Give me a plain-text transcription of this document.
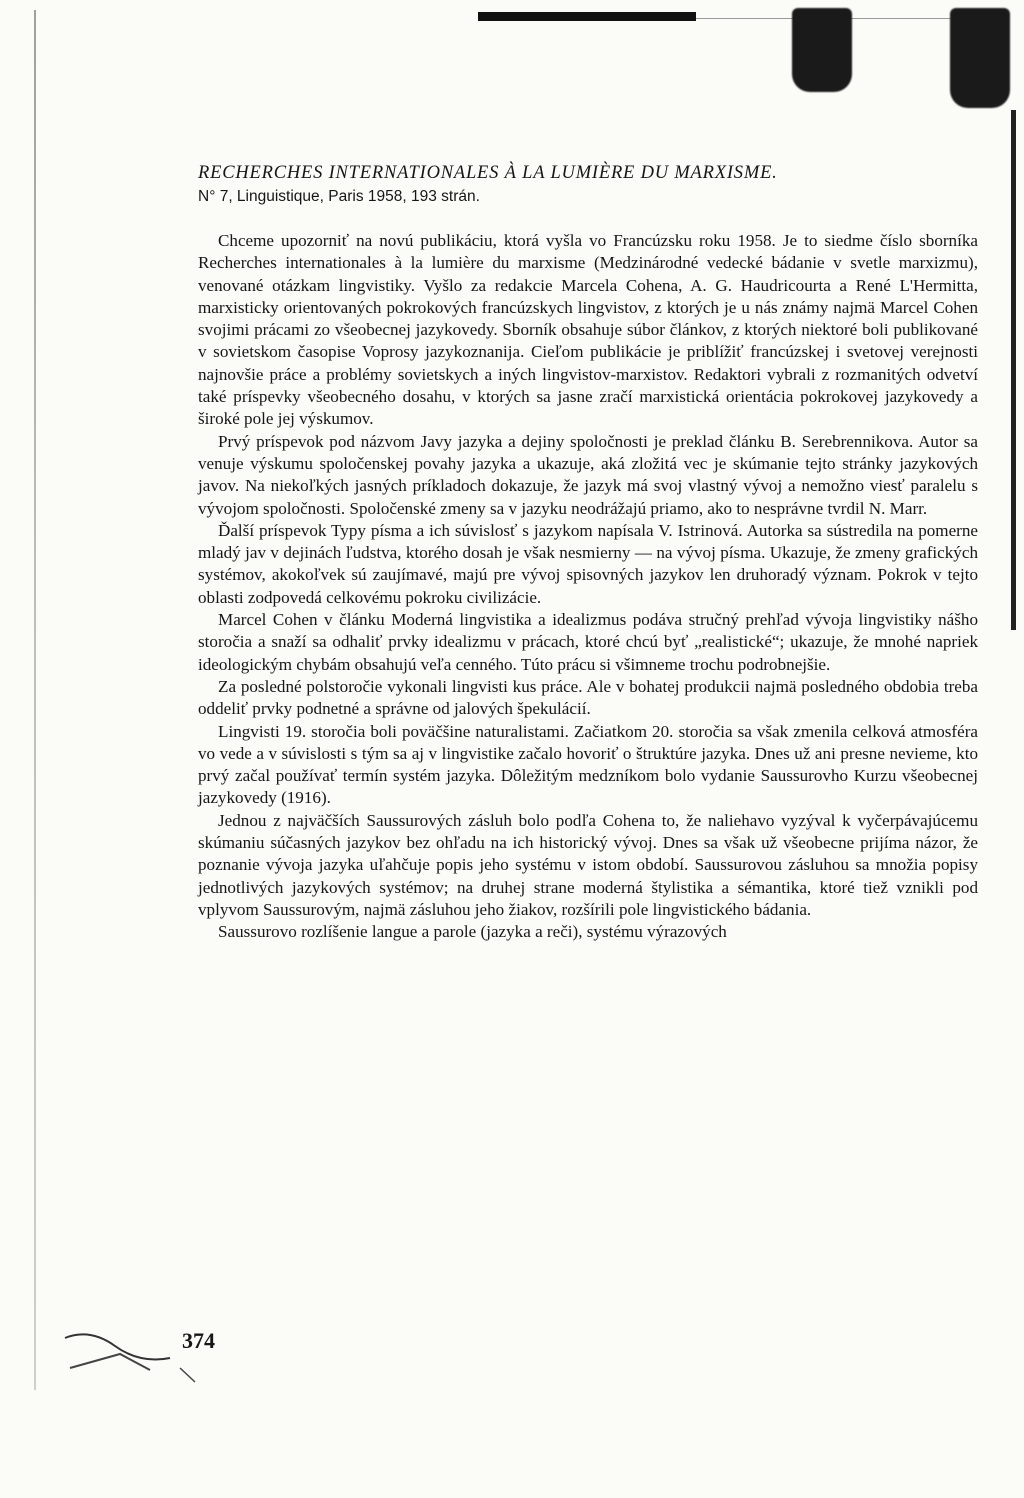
RECHERCHES INTERNATIONALES À LA LUMIÈRE DU MARXISME.

N° 7, Linguistique, Paris 1958, 193 strán.

Chceme upozorniť na novú publikáciu, ktorá vyšla vo Francúzsku roku 1958. Je to siedme číslo sborníka Recherches internationales à la lumière du marxisme (Medzinárodné vedecké bádanie v svetle marxizmu), venované otázkam lingvistiky. Vyšlo za redakcie Marcela Cohena, A. G. Haudricourta a René L'Hermitta, marxisticky orientovaných pokrokových francúzskych lingvistov, z ktorých je u nás známy najmä Marcel Cohen svojimi prácami zo všeobecnej jazykovedy. Sborník obsahuje súbor článkov, z ktorých niektoré boli publikované v sovietskom časopise Voprosy jazykoznanija. Cieľom publikácie je priblížiť francúzskej i svetovej verejnosti najnovšie práce a problémy sovietskych a iných lingvistov-marxistov. Redaktori vybrali z rozmanitých odvetví také príspevky všeobecného dosahu, v ktorých sa jasne zračí marxistická orientácia pokrokovej jazykovedy a široké pole jej výskumov.

Prvý príspevok pod názvom Javy jazyka a dejiny spoločnosti je preklad článku B. Serebrennikova. Autor sa venuje výskumu spoločenskej povahy jazyka a ukazuje, aká zložitá vec je skúmanie tejto stránky jazykových javov. Na niekoľkých jasných príkladoch dokazuje, že jazyk má svoj vlastný vývoj a nemožno viesť paralelu s vývojom spoločnosti. Spoločenské zmeny sa v jazyku neodrážajú priamo, ako to nesprávne tvrdil N. Marr.

Ďalší príspevok Typy písma a ich súvislosť s jazykom napísala V. Istrinová. Autorka sa sústredila na pomerne mladý jav v dejinách ľudstva, ktorého dosah je však nesmierny — na vývoj písma. Ukazuje, že zmeny grafických systémov, akokoľvek sú zaujímavé, majú pre vývoj spisovných jazykov len druhoradý význam. Pokrok v tejto oblasti zodpovedá celkovému pokroku civilizácie.

Marcel Cohen v článku Moderná lingvistika a idealizmus podáva stručný prehľad vývoja lingvistiky nášho storočia a snaží sa odhaliť prvky idealizmu v prácach, ktoré chcú byť „realistické“; ukazuje, že mnohé napriek ideologickým chybám obsahujú veľa cenného. Túto prácu si všimneme trochu podrobnejšie.

Za posledné polstoročie vykonali lingvisti kus práce. Ale v bohatej produkcii najmä posledného obdobia treba oddeliť prvky podnetné a správne od jalových špekulácií.

Lingvisti 19. storočia boli poväčšine naturalistami. Začiatkom 20. storočia sa však zmenila celková atmosféra vo vede a v súvislosti s tým sa aj v lingvistike začalo hovoriť o štruktúre jazyka. Dnes už ani presne nevieme, kto prvý začal používať termín systém jazyka. Dôležitým medzníkom bolo vydanie Saussurovho Kurzu všeobecnej jazykovedy (1916).

Jednou z najväčších Saussurových zásluh bolo podľa Cohena to, že naliehavo vyzýval k vyčerpávajúcemu skúmaniu súčasných jazykov bez ohľadu na ich historický vývoj. Dnes sa však už všeobecne prijíma názor, že poznanie vývoja jazyka uľahčuje popis jeho systému v istom období. Saussurovou zásluhou sa množia popisy jednotlivých jazykových systémov; na druhej strane moderná štylistika a sémantika, ktoré tiež vznikli pod vplyvom Saussurovým, najmä zásluhou jeho žiakov, rozšírili pole lingvistického bádania.

Saussurovo rozlíšenie langue a parole (jazyka a reči), systému výrazových

374
